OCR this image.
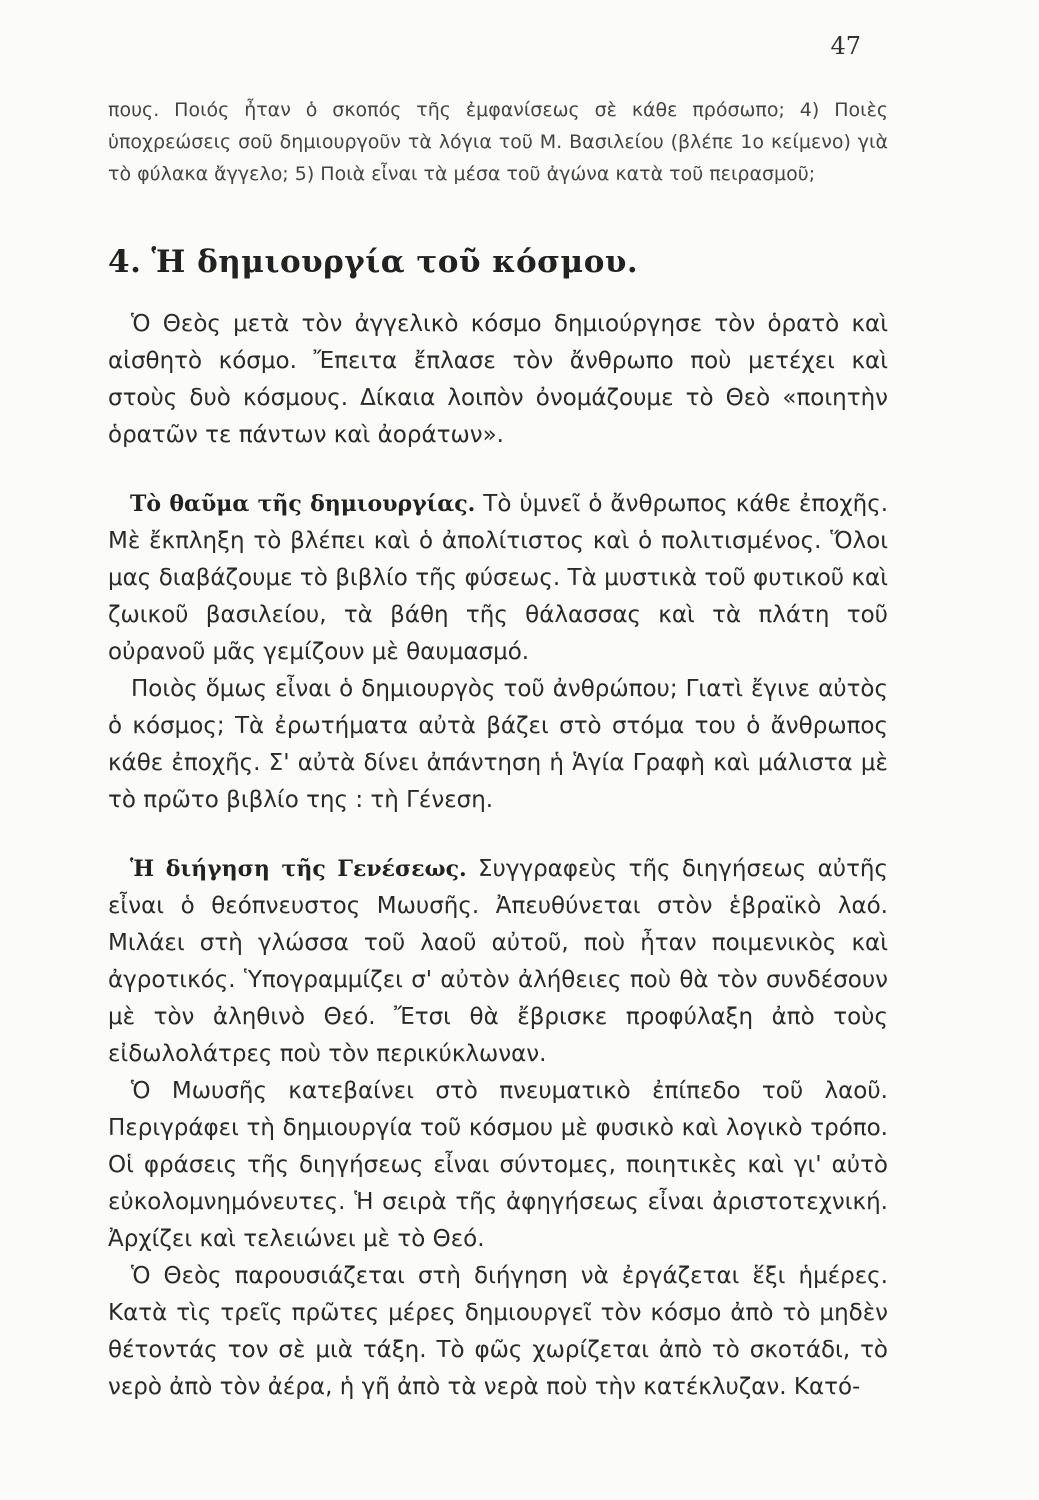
47

πους. Ποιός ἦταν ὁ σκοπός τῆς ἐμφανίσεως σὲ κάθε πρόσωπο; 4) Ποιὲς ὑποχρεώσεις σοῦ δημιουργοῦν τὰ λόγια τοῦ Μ. Βασιλείου (βλέπε 1ο κείμενο) γιὰ τὸ φύλακα ἄγγελο; 5) Ποιὰ εἶναι τὰ μέσα τοῦ ἀγώνα κατὰ τοῦ πειρασμοῦ;

4. Ἡ δημιουργία τοῦ κόσμου.

Ὁ Θεὸς μετὰ τὸν ἀγγελικὸ κόσμο δημιούργησε τὸν ὁρατὸ καὶ αἰσθητὸ κόσμο. Ἔπειτα ἔπλασε τὸν ἄνθρωπο ποὺ μετέχει καὶ στοὺς δυὸ κόσμους. Δίκαια λοιπὸν ὀνομάζουμε τὸ Θεὸ «ποιητὴν ὁρατῶν τε πάντων καὶ ἀοράτων».

Τὸ θαῦμα τῆς δημιουργίας. Τὸ ὑμνεῖ ὁ ἄνθρωπος κάθε ἐποχῆς. Μὲ ἔκπληξη τὸ βλέπει καὶ ὁ ἀπολίτιστος καὶ ὁ πολιτισμένος. Ὅλοι μας διαβάζουμε τὸ βιβλίο τῆς φύσεως. Τὰ μυστικὰ τοῦ φυτικοῦ καὶ ζωικοῦ βασιλείου, τὰ βάθη τῆς θάλασσας καὶ τὰ πλάτη τοῦ οὐρανοῦ μᾶς γεμίζουν μὲ θαυμασμό.

Ποιὸς ὅμως εἶναι ὁ δημιουργὸς τοῦ ἀνθρώπου; Γιατὶ ἔγινε αὐτὸς ὁ κόσμος; Τὰ ἐρωτήματα αὐτὰ βάζει στὸ στόμα του ὁ ἄνθρωπος κάθε ἐποχῆς. Σ' αὐτὰ δίνει ἀπάντηση ἡ Ἁγία Γραφὴ καὶ μάλιστα μὲ τὸ πρῶτο βιβλίο της : τὴ Γένεση.

Ἡ διήγηση τῆς Γενέσεως. Συγγραφεὺς τῆς διηγήσεως αὐτῆς εἶναι ὁ θεόπνευστος Μωυσῆς. Ἀπευθύνεται στὸν ἑβραϊκὸ λαό. Μιλάει στὴ γλώσσα τοῦ λαοῦ αὐτοῦ, ποὺ ἦταν ποιμενικὸς καὶ ἀγροτικός. Ὑπογραμμίζει σ' αὐτὸν ἀλήθειες ποὺ θὰ τὸν συνδέσουν μὲ τὸν ἀληθινὸ Θεό. Ἔτσι θὰ ἔβρισκε προφύλαξη ἀπὸ τοὺς εἰδωλολάτρες ποὺ τὸν περικύκλωναν.

Ὁ Μωυσῆς κατεβαίνει στὸ πνευματικὸ ἐπίπεδο τοῦ λαοῦ. Περιγράφει τὴ δημιουργία τοῦ κόσμου μὲ φυσικὸ καὶ λογικὸ τρόπο. Οἱ φράσεις τῆς διηγήσεως εἶναι σύντομες, ποιητικὲς καὶ γι' αὐτὸ εὐκολομνημόνευτες. Ἡ σειρὰ τῆς ἀφηγήσεως εἶναι ἀριστοτεχνική. Ἀρχίζει καὶ τελειώνει μὲ τὸ Θεό.

Ὁ Θεὸς παρουσιάζεται στὴ διήγηση νὰ ἐργάζεται ἕξι ἡμέρες. Κατὰ τὶς τρεῖς πρῶτες μέρες δημιουργεῖ τὸν κόσμο ἀπὸ τὸ μηδὲν θέτοντάς τον σὲ μιὰ τάξη. Τὸ φῶς χωρίζεται ἀπὸ τὸ σκοτάδι, τὸ νερὸ ἀπὸ τὸν ἀέρα, ἡ γῆ ἀπὸ τὰ νερὰ ποὺ τὴν κατέκλυζαν. Κατό-
